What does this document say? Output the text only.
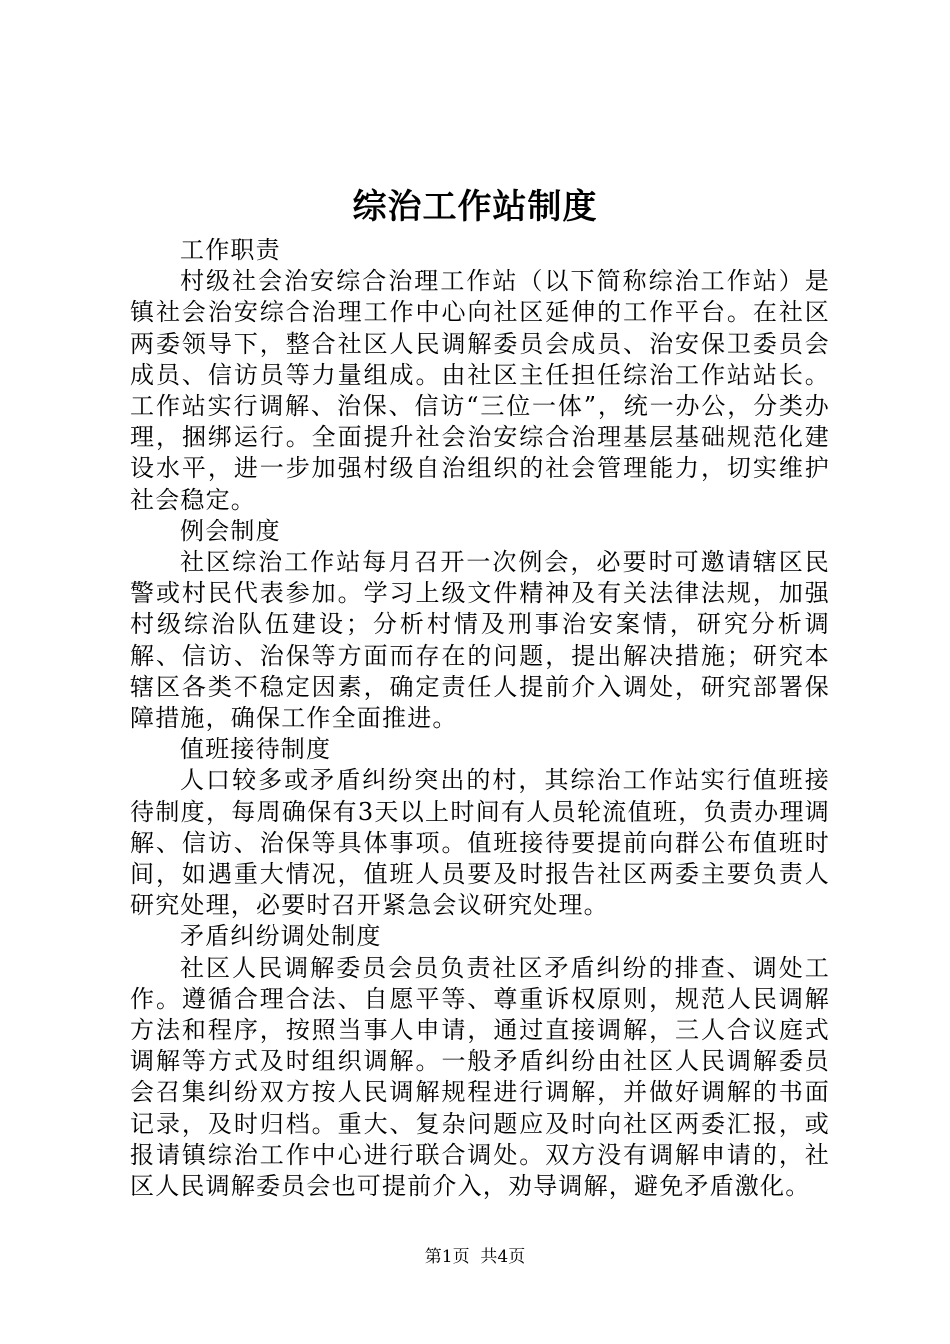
综治工作站制度
工作职责

村级社会治安综合治理工作站（以下简称综治工作站）是镇社会治安综合治理工作中心向社区延伸的工作平台。在社区两委领导下，整合社区人民调解委员会成员、治安保卫委员会成员、信访员等力量组成。由社区主任担任综治工作站站长。工作站实行调解、治保、信访“三位一体”，统一办公，分类办理，捆绑运行。全面提升社会治安综合治理基层基础规范化建设水平，进一步加强村级自治组织的社会管理能力，切实维护社会稳定。

例会制度

社区综治工作站每月召开一次例会，必要时可邀请辖区民警或村民代表参加。学习上级文件精神及有关法律法规，加强村级综治队伍建设；分析村情及刑事治安案情，研究分析调解、信访、治保等方面而存在的问题，提出解决措施；研究本辖区各类不稳定因素，确定责任人提前介入调处，研究部署保障措施，确保工作全面推进。

值班接待制度

人口较多或矛盾纠纷突出的村，其综治工作站实行值班接待制度，每周确保有3天以上时间有人员轮流值班，负责办理调解、信访、治保等具体事项。值班接待要提前向群公布值班时间，如遇重大情况，值班人员要及时报告社区两委主要负责人研究处理，必要时召开紧急会议研究处理。

矛盾纠纷调处制度

社区人民调解委员会员负责社区矛盾纠纷的排查、调处工作。遵循合理合法、自愿平等、尊重诉权原则，规范人民调解方法和程序，按照当事人申请，通过直接调解，三人合议庭式调解等方式及时组织调解。一般矛盾纠纷由社区人民调解委员会召集纠纷双方按人民调解规程进行调解，并做好调解的书面记录，及时归档。重大、复杂问题应及时向社区两委汇报，或报请镇综治工作中心进行联合调处。双方没有调解申请的，社区人民调解委员会也可提前介入，劝导调解，避免矛盾激化。

第1页 共4页
